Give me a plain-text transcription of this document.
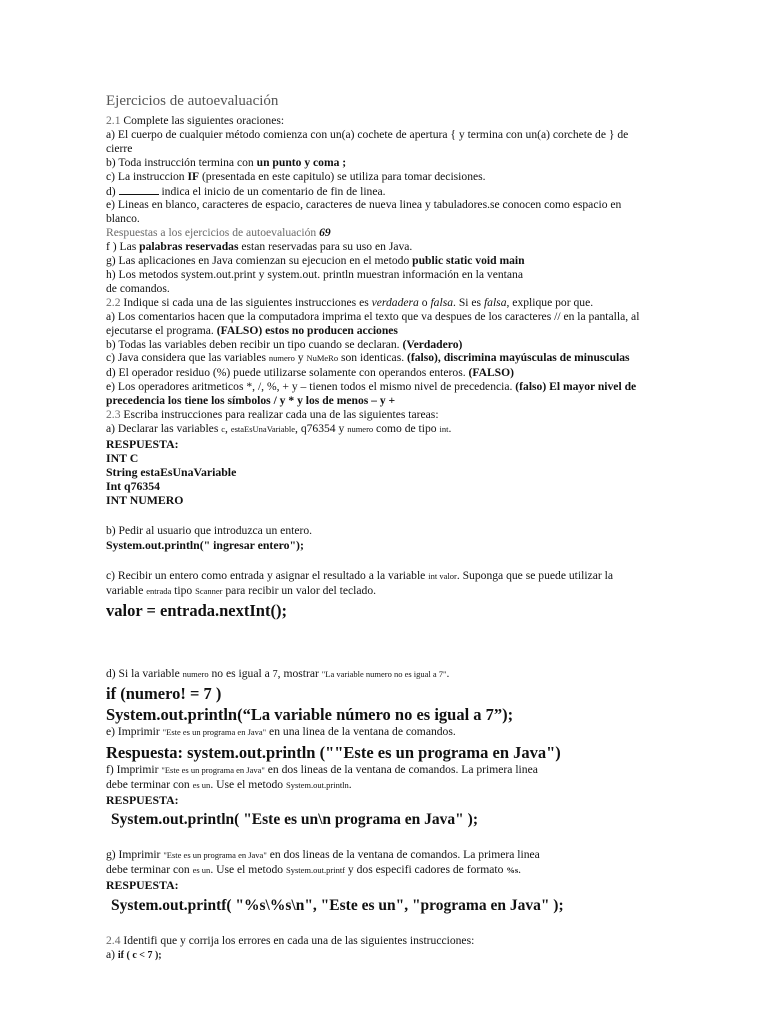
Ejercicios de autoevaluación
2.1 Complete las siguientes oraciones:
a) El cuerpo de cualquier método comienza con un(a) cochete de apertura { y termina con un(a) corchete de } de
cierre
b) Toda instrucción termina con un punto y coma ;
c) La instruccion IF (presentada en este capitulo) se utiliza para tomar decisiones.
d)	indica el inicio de un comentario de fin de linea.
e) Lineas en blanco, caracteres de espacio, caracteres de nueva linea y tabuladores.se conocen como espacio en
blanco.
Respuestas a los ejercicios de autoevaluación 69
f ) Las palabras reservadas estan reservadas para su uso en Java.
g) Las aplicaciones en Java comienzan su ejecucion en el metodo public static void main
h) Los metodos system.out.print y system.out. println muestran información en la ventana
de comandos.
2.2 Indique si cada una de las siguientes instrucciones es verdadera o falsa. Si es falsa, explique por que.
a) Los comentarios hacen que la computadora imprima el texto que va despues de los caracteres // en la pantalla, al
ejecutarse el programa. (FALSO) estos no producen acciones
b) Todas las variables deben recibir un tipo cuando se declaran. (Verdadero)
c) Java considera que las variables numero y NuMeRo son identicas. (falso), discrimina mayúsculas de minusculas
d) El operador residuo (%) puede utilizarse solamente con operandos enteros. (FALSO)
e) Los operadores aritmeticos *, /, %, + y – tienen todos el mismo nivel de precedencia. (falso) El mayor nivel de
precedencia los tiene los símbolos / y * y los de menos – y +
2.3 Escriba instrucciones para realizar cada una de las siguientes tareas:
a) Declarar las variables c, estaEsUnaVariable, q76354 y numero como de tipo int.
RESPUESTA:
INT C
String estaEsUnaVariable
Int q76354
INT NUMERO
b) Pedir al usuario que introduzca un entero.
System.out.println(" ingresar entero");
c) Recibir un entero como entrada y asignar el resultado a la variable int valor. Suponga que se puede utilizar la
variable entrada tipo Scanner para recibir un valor del teclado.
valor = entrada.nextInt();
d) Si la variable numero no es igual a 7, mostrar "La variable numero no es igual a 7".
if (numero! = 7 )
System.out.println(“La variable número no es igual a 7”);
e) Imprimir "Este es un programa en Java" en una linea de la ventana de comandos.
Respuesta: system.out.println (""Este es un programa en Java")
f) Imprimir "Este es un programa en Java" en dos lineas de la ventana de comandos. La primera linea
debe terminar con es un. Use el metodo System.out.println.
RESPUESTA:
System.out.println( "Este es un\n programa en Java" );
g) Imprimir "Este es un programa en Java" en dos lineas de la ventana de comandos. La primera linea
debe terminar con es un. Use el metodo System.out.printf y dos especifi cadores de formato %s.
RESPUESTA:
System.out.printf( "%s\%s\n", "Este es un", "programa en Java" );
2.4 Identifi que y corrija los errores en cada una de las siguientes instrucciones:
a) if ( c < 7 );
